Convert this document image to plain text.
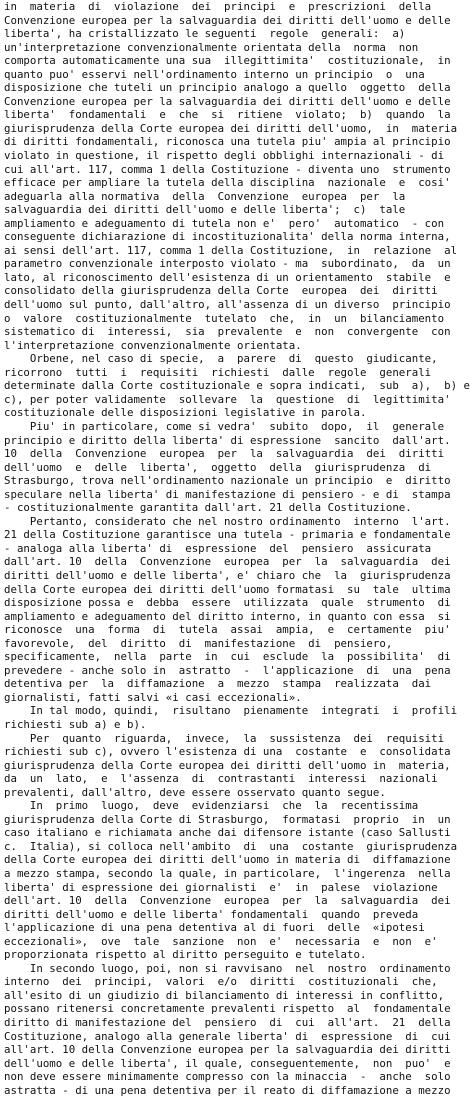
in  materia  di  violazione  dei  principi  e  prescrizioni  della
Convenzione europea per la salvaguardia dei diritti dell'uomo e delle
liberta', ha cristallizzato le seguenti  regole  generali:  a)
un'interpretazione convenzionalmente orientata della  norma  non
comporta automaticamente una sua  illegittimita'  costituzionale,  in
quanto puo' esservi nell'ordinamento interno un principio  o  una
disposizione che tuteli un principio analogo a quello  oggetto  della
Convenzione europea per la salvaguardia dei diritti dell'uomo e delle
liberta'  fondamentali  e  che  si  ritiene  violato;  b)  quando  la
giurisprudenza della Corte europea dei diritti dell'uomo,  in  materia
di diritti fondamentali, riconosca una tutela piu' ampia al principio
violato in questione, il rispetto degli obblighi internazionali - di
cui all'art. 117, comma 1 della Costituzione - diventa uno  strumento
efficace per ampliare la tutela della disciplina  nazionale  e  cosi'
adeguarla alla normativa  della  Convenzione  europea  per  la
salvaguardia dei diritti dell'uomo e delle liberta';  c)  tale
ampliamento e adeguamento di tutela non e'  pero'  automatico  - con
conseguente dichiarazione di incostituzionalita' della norma interna,
ai sensi dell'art. 117, comma 1 della Costituzione,  in  relazione  al
parametro convenzionale interposto violato - ma  subordinato,  da  un
lato, al riconoscimento dell'esistenza di un orientamento  stabile  e
consolidato della giurisprudenza della Corte  europea  dei  diritti
dell'uomo sul punto, dall'altro, all'assenza di un diverso  principio
o  valore  costituzionalmente  tutelato  che,  in  un  bilanciamento
sistematico di  interessi,  sia  prevalente  e  non  convergente  con
l'interpretazione convenzionalmente orientata.

Orbene, nel caso di specie,  a  parere  di  questo  giudicante,
ricorrono  tutti  i  requisiti  richiesti  dalle  regole  generali
determinate dalla Corte costituzionale e sopra indicati,  sub  a),  b) e
c), per poter validamente  sollevare  la  questione  di  legittimita'
costituzionale delle disposizioni legislative in parola.

Piu' in particolare, come si vedra'  subito  dopo,  il  generale
principio e diritto della liberta' di espressione  sancito  dall'art.
10  della  Convenzione  europea  per  la  salvaguardia  dei  diritti
dell'uomo  e  delle  liberta',  oggetto  della  giurisprudenza  di
Strasburgo, trova nell'ordinamento nazionale un principio  e  diritto
speculare nella liberta' di manifestazione di pensiero - e di  stampa
- costituzionalmente garantita dall'art. 21 della Costituzione.

Pertanto, considerato che nel nostro ordinamento  interno  l'art.
21 della Costituzione garantisce una tutela - primaria e fondamentale
- analoga alla liberta' di  espressione  del  pensiero  assicurata
dall'art. 10  della  Convenzione  europea  per  la  salvaguardia  dei
diritti dell'uomo e delle liberta', e' chiaro che  la  giurisprudenza
della Corte europea dei diritti dell'uomo formatasi  su  tale  ultima
disposizione possa e  debba  essere  utilizzata  quale  strumento  di
ampliamento e adeguamento del diritto interno, in quanto con essa  si
riconosce  una  forma  di  tutela  assai  ampia,  e  certamente  piu'
favorevole,  del  diritto  di  manifestazione  di  pensiero,
specificamente,  nella  parte  in  cui  esclude  la  possibilita'  di
prevedere - anche solo in  astratto  -  l'applicazione  di  una  pena
detentiva per  la  diffamazione  a  mezzo  stampa  realizzata  dai
giornalisti, fatti salvi «i casi eccezionali».

In tal modo, quindi,  risultano  pienamente  integrati  i  profili
richiesti sub a) e b).

Per  quanto  riguarda,  invece,  la  sussistenza  dei  requisiti
richiesti sub c), ovvero l'esistenza di una  costante  e  consolidata
giurisprudenza della Corte europea dei diritti dell'uomo in  materia,
da  un  lato,  e  l'assenza  di  contrastanti  interessi  nazionali
prevalenti, dall'altro, deve essere osservato quanto segue.

In  primo  luogo,  deve  evidenziarsi  che  la  recentissima
giurisprudenza della Corte di Strasburgo,  formatasi  proprio  in  un
caso italiano e richiamata anche dai difensore istante (caso Sallusti
c.  Italia), si colloca nell'ambito  di  una  costante  giurisprudenza
della Corte europea dei diritti dell'uomo in materia di  diffamazione
a mezzo stampa, secondo la quale, in particolare,  l'ingerenza  nella
liberta' di espressione dei giornalisti  e'  in  palese  violazione
dell'art. 10  della  Convenzione  europea  per  la  salvaguardia  dei
diritti dell'uomo e delle liberta' fondamentali  quando  preveda
l'applicazione di una pena detentiva al di fuori  delle  «ipotesi
eccezionali»,  ove  tale  sanzione  non  e'  necessaria  e  non  e'
proporzionata rispetto al diritto perseguito e tutelato.

In secondo luogo, poi, non si ravvisano  nel  nostro  ordinamento
interno  dei  principi,  valori  e/o  diritti  costituzionali  che,
all'esito di un giudizio di bilanciamento di interessi in conflitto,
possano ritenersi concretamente prevalenti rispetto  al  fondamentale
diritto di manifestazione del  pensiero  di  cui  all'art.  21  della
Costituzione, analogo alla generale liberta' di  espressione  di  cui
all'art. 10 della Convenzione europea per la salvaguardia dei diritti
dell'uomo e delle liberta', il quale, conseguentemente,  non  puo'  e
non deve essere minimamente compresso con la minaccia  -  anche  solo
astratta - di una pena detentiva per il reato di diffamazione a mezzo
